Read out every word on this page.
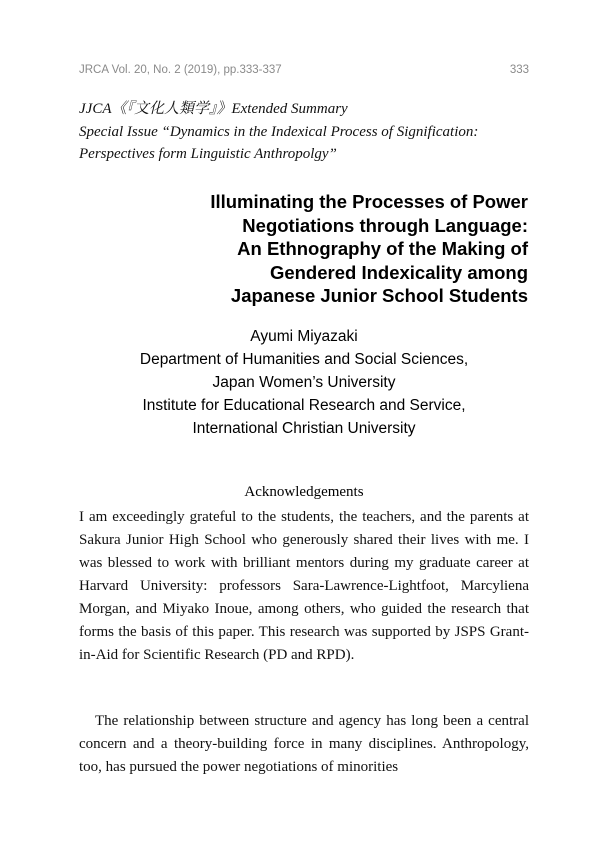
JRCA Vol. 20, No. 2 (2019), pp.333-337	333
JJCA《『文化人類学』》Extended Summary
Special Issue “Dynamics in the Indexical Process of Signification:
Perspectives form Linguistic Anthropolgy”
Illuminating the Processes of Power
Negotiations through Language:
An Ethnography of the Making of
Gendered Indexicality among
Japanese Junior School Students
Ayumi Miyazaki
Department of Humanities and Social Sciences,
Japan Women’s University
Institute for Educational Research and Service,
International Christian University
Acknowledgements

I am exceedingly grateful to the students, the teachers, and the parents at Sakura Junior High School who generously shared their lives with me. I was blessed to work with brilliant mentors during my graduate career at Harvard University: professors Sara-Lawrence-Lightfoot, Marcyliena Morgan, and Miyako Inoue, among others, who guided the research that forms the basis of this paper. This research was supported by JSPS Grant-in-Aid for Scientific Research (PD and RPD).

The relationship between structure and agency has long been a central concern and a theory-building force in many disciplines. Anthropology, too, has pursued the power negotiations of minorities
